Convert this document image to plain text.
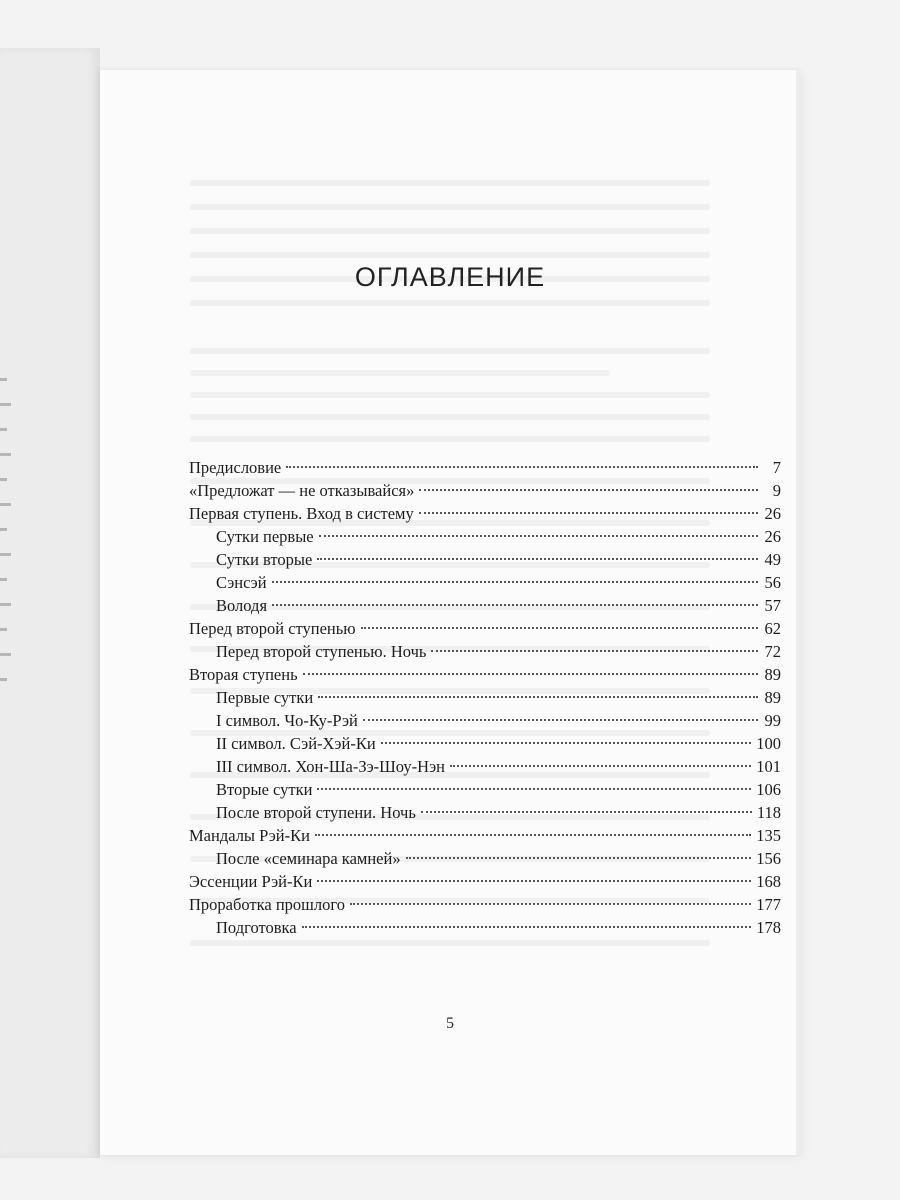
ОГЛАВЛЕНИЕ
Предисловие	7
«Предложат — не отказывайся»	9
Первая ступень. Вход в систему	26
Сутки первые	26
Сутки вторые	49
Сэнсэй	56
Володя	57
Перед второй ступенью	62
Перед второй ступенью. Ночь	72
Вторая ступень	89
Первые сутки	89
I символ. Чо-Ку-Рэй	99
II символ. Сэй-Хэй-Ки	100
III символ. Хон-Ша-Зэ-Шоу-Нэн	101
Вторые сутки	106
После второй ступени. Ночь	118
Мандалы Рэй-Ки	135
После «семинара камней»	156
Эссенции Рэй-Ки	168
Проработка прошлого	177
Подготовка	178
5
